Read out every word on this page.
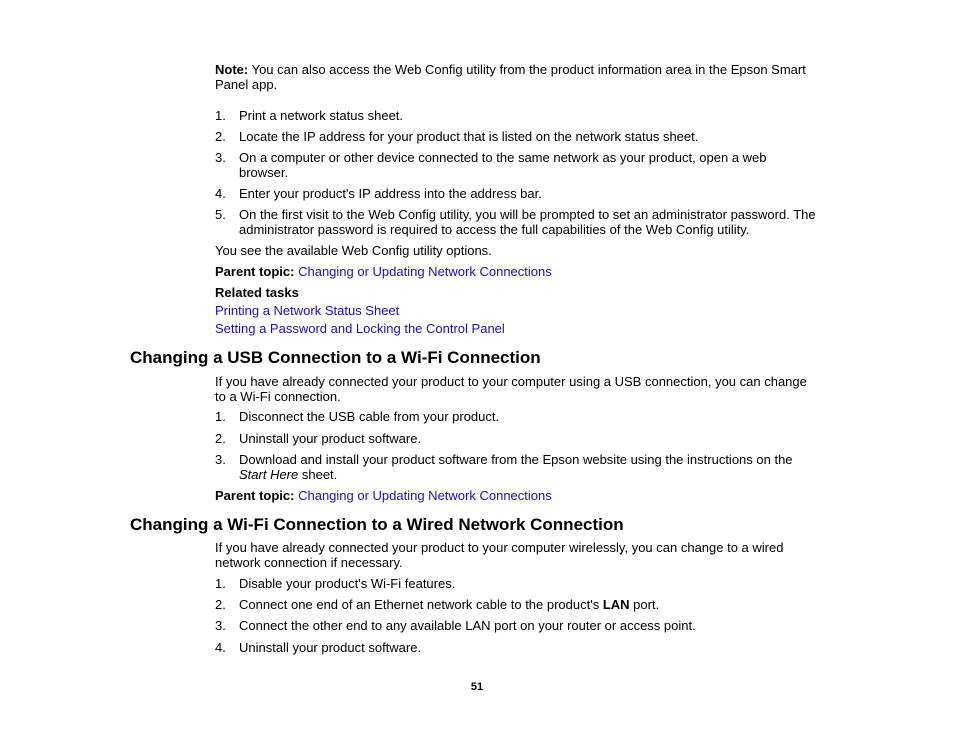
Note: You can also access the Web Config utility from the product information area in the Epson Smart Panel app.
1. Print a network status sheet.
2. Locate the IP address for your product that is listed on the network status sheet.
3. On a computer or other device connected to the same network as your product, open a web browser.
4. Enter your product's IP address into the address bar.
5. On the first visit to the Web Config utility, you will be prompted to set an administrator password. The administrator password is required to access the full capabilities of the Web Config utility.
You see the available Web Config utility options.
Parent topic: Changing or Updating Network Connections
Related tasks
Printing a Network Status Sheet
Setting a Password and Locking the Control Panel
Changing a USB Connection to a Wi-Fi Connection
If you have already connected your product to your computer using a USB connection, you can change to a Wi-Fi connection.
1. Disconnect the USB cable from your product.
2. Uninstall your product software.
3. Download and install your product software from the Epson website using the instructions on the Start Here sheet.
Parent topic: Changing or Updating Network Connections
Changing a Wi-Fi Connection to a Wired Network Connection
If you have already connected your product to your computer wirelessly, you can change to a wired network connection if necessary.
1. Disable your product's Wi-Fi features.
2. Connect one end of an Ethernet network cable to the product's LAN port.
3. Connect the other end to any available LAN port on your router or access point.
4. Uninstall your product software.
51
